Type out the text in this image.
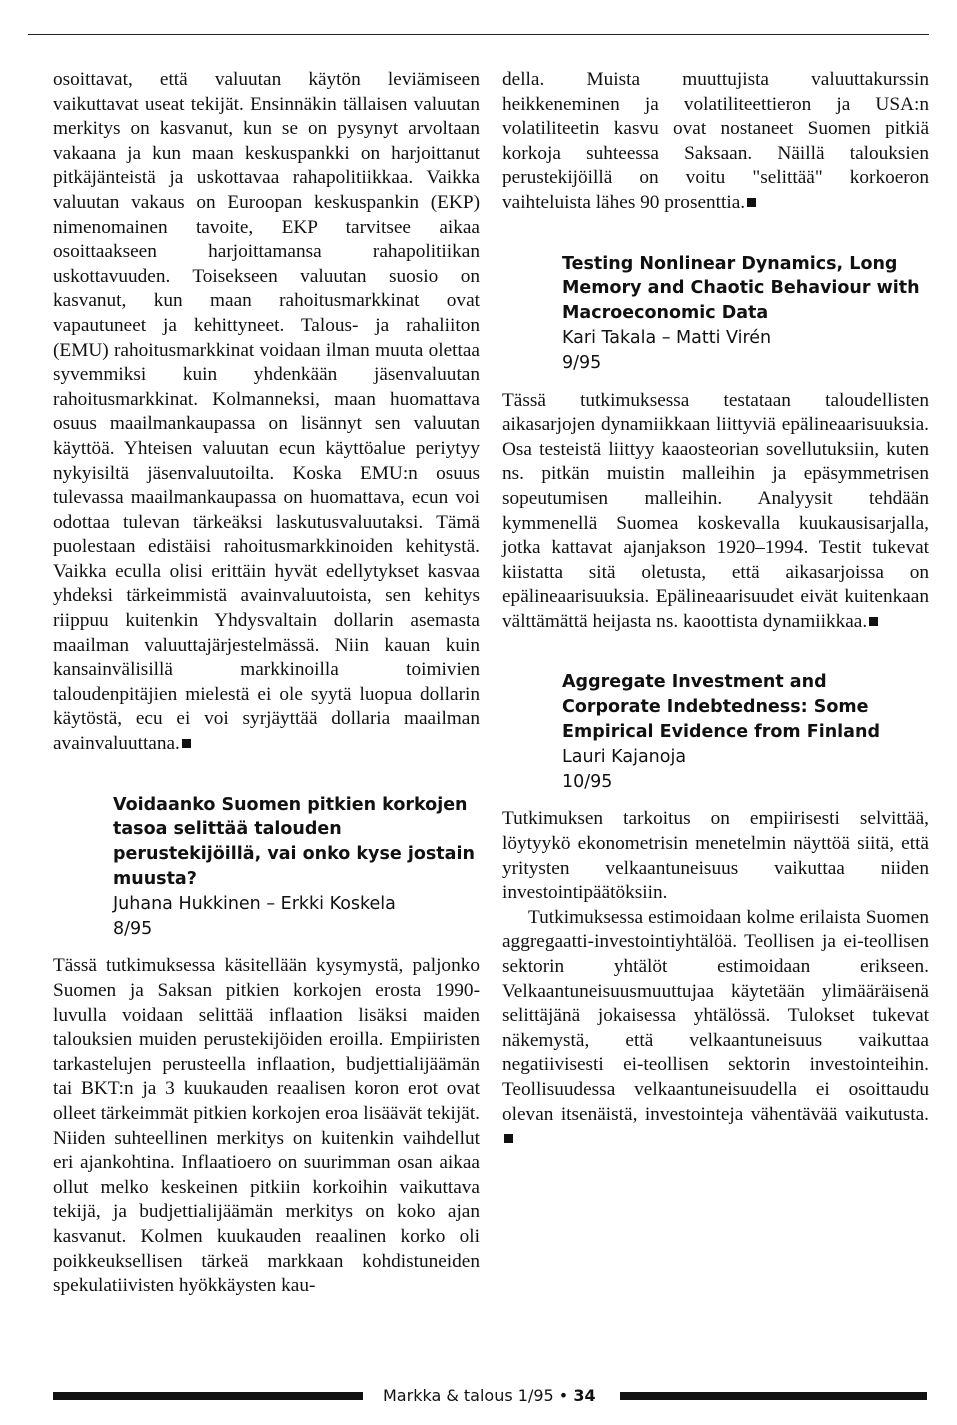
osoittavat, että valuutan käytön leviämiseen vaikuttavat useat tekijät. Ensinnäkin tällaisen valuutan merkitys on kasvanut, kun se on pysynyt arvoltaan vakaana ja kun maan keskuspankki on harjoittanut pitkäjänteistä ja uskottavaa rahapolitiikkaa. Vaikka valuutan vakaus on Euroopan keskuspankin (EKP) nimenomainen tavoite, EKP tarvitsee aikaa osoittaakseen harjoittamansa rahapolitiikan uskottavuuden. Toisekseen valuutan suosio on kasvanut, kun maan rahoitusmarkkinat ovat vapautuneet ja kehittyneet. Talous- ja rahaliiton (EMU) rahoitusmarkkinat voidaan ilman muuta olettaa syvemmiksi kuin yhdenkään jäsenvaluutan rahoitusmarkkinat. Kolmanneksi, maan huomattava osuus maailmankaupassa on lisännyt sen valuutan käyttöä. Yhteisen valuutan ecun käyttöalue periytyy nykyisiltä jäsenvaluutoilta. Koska EMU:n osuus tulevassa maailmankaupassa on huomattava, ecun voi odottaa tulevan tärkeäksi laskutusvaluutaksi. Tämä puolestaan edistäisi rahoitusmarkkinoiden kehitystä. Vaikka eculla olisi erittäin hyvät edellytykset kasvaa yhdeksi tärkeimmistä avainvaluutoista, sen kehitys riippuu kuitenkin Yhdysvaltain dollarin asemasta maailman valuuttajärjestelmässä. Niin kauan kuin kansainvälisillä markkinoilla toimivien taloudenpitäjien mielestä ei ole syytä luopua dollarin käytöstä, ecu ei voi syrjäyttää dollaria maailman avainvaluuttana.

Voidaanko Suomen pitkien korkojen tasoa selittää talouden perustekijöillä, vai onko kyse jostain muusta?
Juhana Hukkinen – Erkki Koskela
8/95

Tässä tutkimuksessa käsitellään kysymystä, paljonko Suomen ja Saksan pitkien korkojen erosta 1990-luvulla voidaan selittää inflaation lisäksi maiden talouksien muiden perustekijöiden eroilla. Empiiristen tarkastelujen perusteella inflaation, budjettialijäämän tai BKT:n ja 3 kuukauden reaalisen koron erot ovat olleet tärkeimmät pitkien korkojen eroa lisäävät tekijät. Niiden suhteellinen merkitys on kuitenkin vaihdellut eri ajankohtina. Inflaatioero on suurimman osan aikaa ollut melko keskeinen pitkiin korkoihin vaikuttava tekijä, ja budjettialijäämän merkitys on koko ajan kasvanut. Kolmen kuukauden reaalinen korko oli poikkeuksellisen tärkeä markkaan kohdistuneiden spekulatiivisten hyökkäysten kau-

della. Muista muuttujista valuuttakurssin heikkeneminen ja volatiliteettieron ja USA:n volatiliteetin kasvu ovat nostaneet Suomen pitkiä korkoja suhteessa Saksaan. Näillä talouksien perustekijöillä on voitu "selittää" korkoeron vaihteluista lähes 90 prosenttia.

Testing Nonlinear Dynamics, Long Memory and Chaotic Behaviour with Macroeconomic Data
Kari Takala – Matti Virén
9/95

Tässä tutkimuksessa testataan taloudellisten aikasarjojen dynamiikkaan liittyviä epälineaarisuuksia. Osa testeistä liittyy kaaosteorian sovellutuksiin, kuten ns. pitkän muistin malleihin ja epäsymmetrisen sopeutumisen malleihin. Analyysit tehdään kymmenellä Suomea koskevalla kuukausisarjalla, jotka kattavat ajanjakson 1920–1994. Testit tukevat kiistatta sitä oletusta, että aikasarjoissa on epälineaarisuuksia. Epälineaarisuudet eivät kuitenkaan välttämättä heijasta ns. kaoottista dynamiikkaa.

Aggregate Investment and Corporate Indebtedness: Some Empirical Evidence from Finland
Lauri Kajanoja
10/95

Tutkimuksen tarkoitus on empiirisesti selvittää, löytyykö ekonometrisin menetelmin näyttöä siitä, että yritysten velkaantuneisuus vaikuttaa niiden investointipäätöksiin.

Tutkimuksessa estimoidaan kolme erilaista Suomen aggregaatti-investointiyhtälöä. Teollisen ja ei-teollisen sektorin yhtälöt estimoidaan erikseen. Velkaantuneisuusmuuttujaa käytetään ylimääräisenä selittäjänä jokaisessa yhtälössä. Tulokset tukevat näkemystä, että velkaantuneisuus vaikuttaa negatiivisesti ei-teollisen sektorin investointeihin. Teollisuudessa velkaantuneisuudella ei osoittaudu olevan itsenäistä, investointeja vähentävää vaikutusta.

Markka & talous 1/95 • 34
